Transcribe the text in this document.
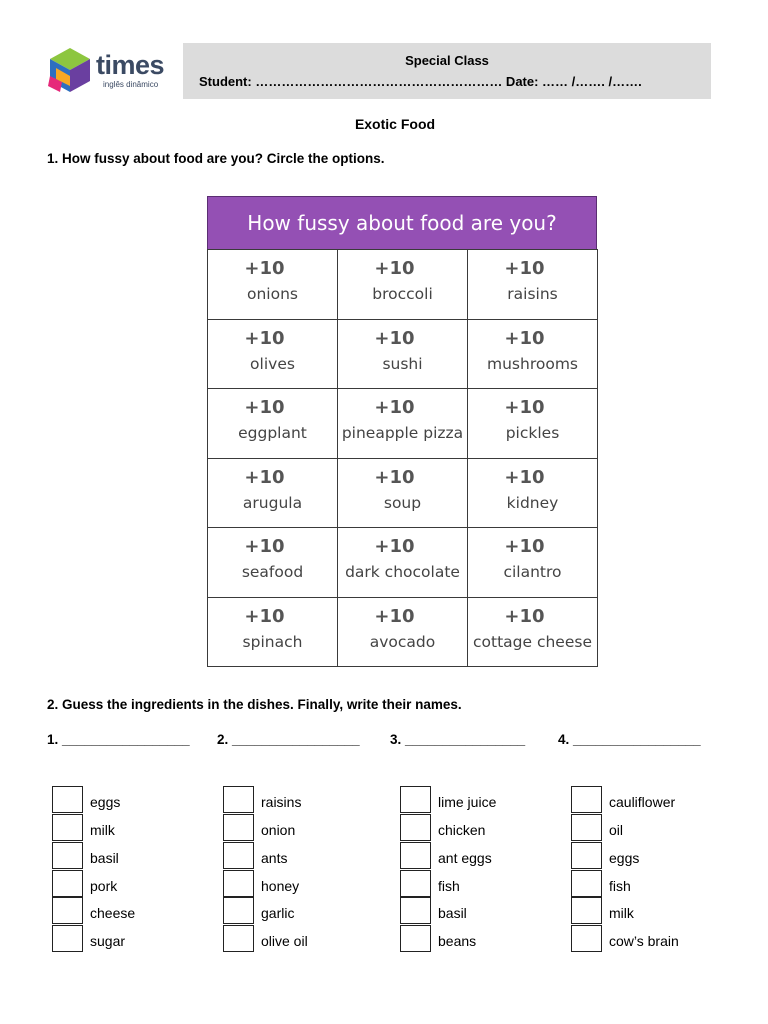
times
inglês dinâmico
Special Class
Student: ………………………………………………… Date: …… /……. /…….
Exotic Food
1. How fussy about food are you? Circle the options.
How fussy about food are you?
+10
onions
+10
broccoli
+10
raisins
+10
olives
+10
sushi
+10
mushrooms
+10
eggplant
+10
pineapple pizza
+10
pickles
+10
arugula
+10
soup
+10
kidney
+10
seafood
+10
dark chocolate
+10
cilantro
+10
spinach
+10
avocado
+10
cottage cheese
2. Guess the ingredients in the dishes. Finally, write their names.
1. _________________ 2. _________________ 3. ________________ 4. _________________
eggs
milk
basil
pork
cheese
sugar
raisins
onion
ants
honey
garlic
olive oil
lime juice
chicken
ant eggs
fish
basil
beans
cauliflower
oil
eggs
fish
milk
cow’s brain
